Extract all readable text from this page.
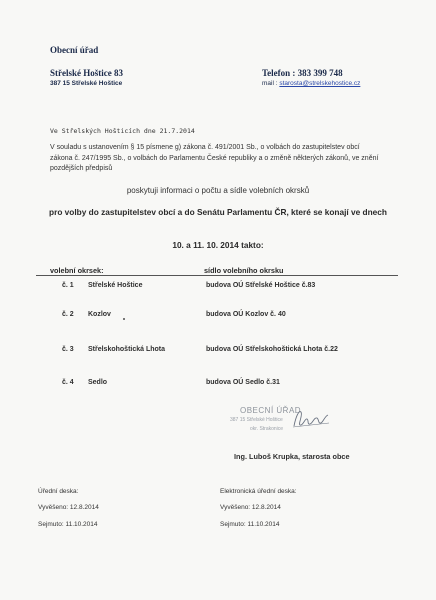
Obecní úřad
Střelské Hoštice 83
387 15 Střelské Hoštice
Telefon : 383 399 748
mail : starosta@strelskehostice.cz
Ve Střelských Hošticích dne 21.7.2014
V souladu s ustanovením § 15 písmene g) zákona č. 491/2001 Sb., o volbách do zastupitelstev obcí zákona č. 247/1995 Sb., o volbách do Parlamentu České republiky a o změně některých zákonů, ve znění pozdějších předpisů
poskytuji informaci o počtu a sídle volebních okrsků
pro volby do zastupitelstev obcí a do Senátu Parlamentu ČR, které se konají ve dnech
10. a 11. 10. 2014 takto:
volební okrsek:	sídlo volebního okrsku
č. 1 Střelské Hoštice	budova OÚ Střelské Hoštice č.83
č. 2 Kozlov	budova OÚ Kozlov č. 40
č. 3 Střelskohoštická Lhota	budova OÚ Střelskohoštická Lhota č.22
č. 4 Sedlo	budova OÚ Sedlo č.31
OBECNÍ ÚŘAD
387 15 Střelské Hoštice
okr. Strakonice
Ing. Luboš Krupka, starosta obce
Úřední deska:
Vyvěšeno: 12.8.2014
Sejmuto: 11.10.2014
Elektronická úřední deska:
Vyvěšeno: 12.8.2014
Sejmuto: 11.10.2014
